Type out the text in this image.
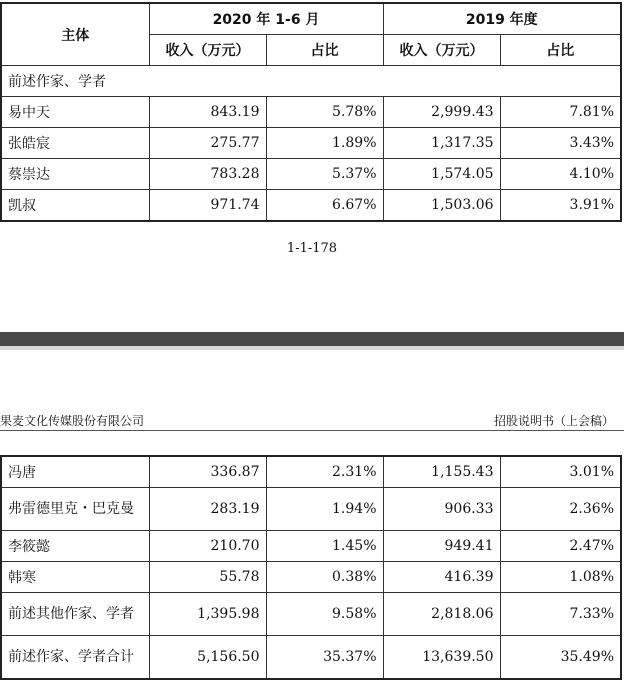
主体	2020 年 1-6 月		2019 年度	
	收入（万元）	占比	收入（万元）	占比
前述作家、学者				
易中天	843.19	5.78%	2,999.43	7.81%
张皓宸	275.77	1.89%	1,317.35	3.43%
蔡崇达	783.28	5.37%	1,574.05	4.10%
凯叔	971.74	6.67%	1,503.06	3.91%
1-1-178
果麦文化传媒股份有限公司	招股说明书（上会稿）
冯唐	336.87	2.31%	1,155.43	3.01%
弗雷德里克・巴克曼	283.19	1.94%	906.33	2.36%
李筱懿	210.70	1.45%	949.41	2.47%
韩寒	55.78	0.38%	416.39	1.08%
前述其他作家、学者	1,395.98	9.58%	2,818.06	7.33%
前述作家、学者合计	5,156.50	35.37%	13,639.50	35.49%
